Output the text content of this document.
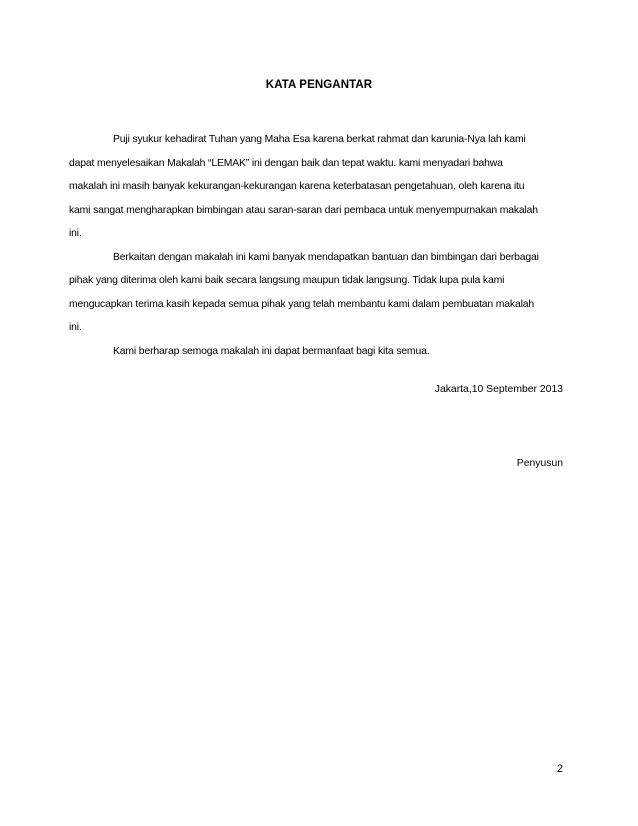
KATA PENGANTAR
Puji syukur kehadirat Tuhan yang Maha Esa karena berkat rahmat dan karunia-Nya lah kami
dapat menyelesaikan Makalah “LEMAK” ini dengan baik dan tepat waktu. kami menyadari bahwa
makalah ini masih banyak kekurangan-kekurangan karena keterbatasan pengetahuan, oleh karena itu
kami sangat mengharapkan bimbingan atau saran-saran dari pembaca untuk menyempurnakan makalah
ini.
Berkaitan dengan makalah ini kami banyak mendapatkan bantuan dan bimbingan dari berbagai
pihak yang diterima oleh kami baik secara langsung maupun tidak langsung. Tidak lupa pula kami
mengucapkan terima kasih kepada semua pihak yang telah membantu kami dalam pembuatan makalah
ini.
Kami berharap semoga makalah ini dapat bermanfaat bagi kita semua.
Jakarta,10 September 2013
Penyusun
2
